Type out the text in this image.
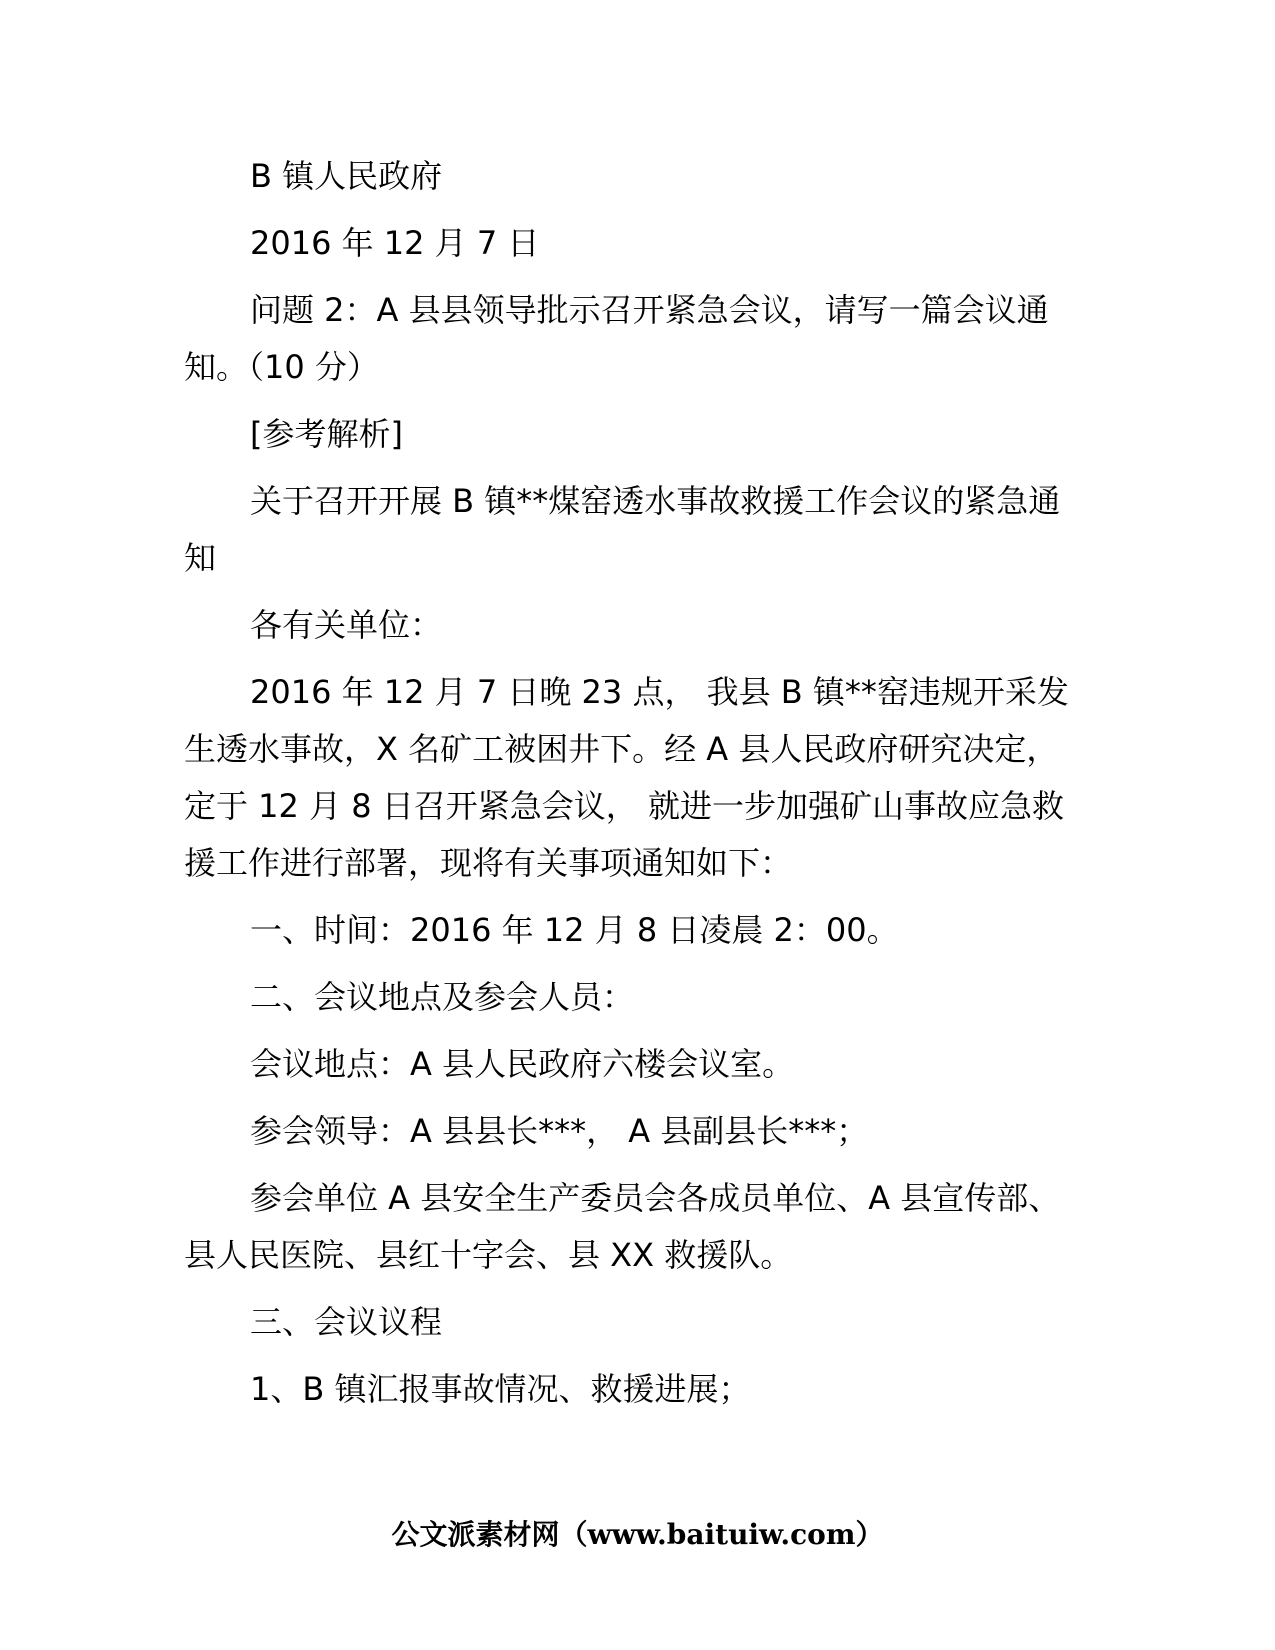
B 镇人民政府

2016 年 12 月 7 日

问题 2：A 县县领导批示召开紧急会议，请写一篇会议通知。（10 分）

[参考解析]

关于召开开展 B 镇**煤窑透水事故救援工作会议的紧急通知

各有关单位：

2016 年 12 月 7 日晚 23 点， 我县 B 镇**窑违规开采发生透水事故，X 名矿工被困井下。经 A 县人民政府研究决定，定于 12 月 8 日召开紧急会议， 就进一步加强矿山事故应急救援工作进行部署，现将有关事项通知如下：

一、时间：2016 年 12 月 8 日凌晨 2：00。

二、会议地点及参会人员：

会议地点：A 县人民政府六楼会议室。

参会领导：A 县县长***， A 县副县长***；

参会单位 A 县安全生产委员会各成员单位、A 县宣传部、县人民医院、县红十字会、县 XX 救援队。

三、会议议程

1、B 镇汇报事故情况、救援进展；

公文派素材网（www.baituiw.com）
